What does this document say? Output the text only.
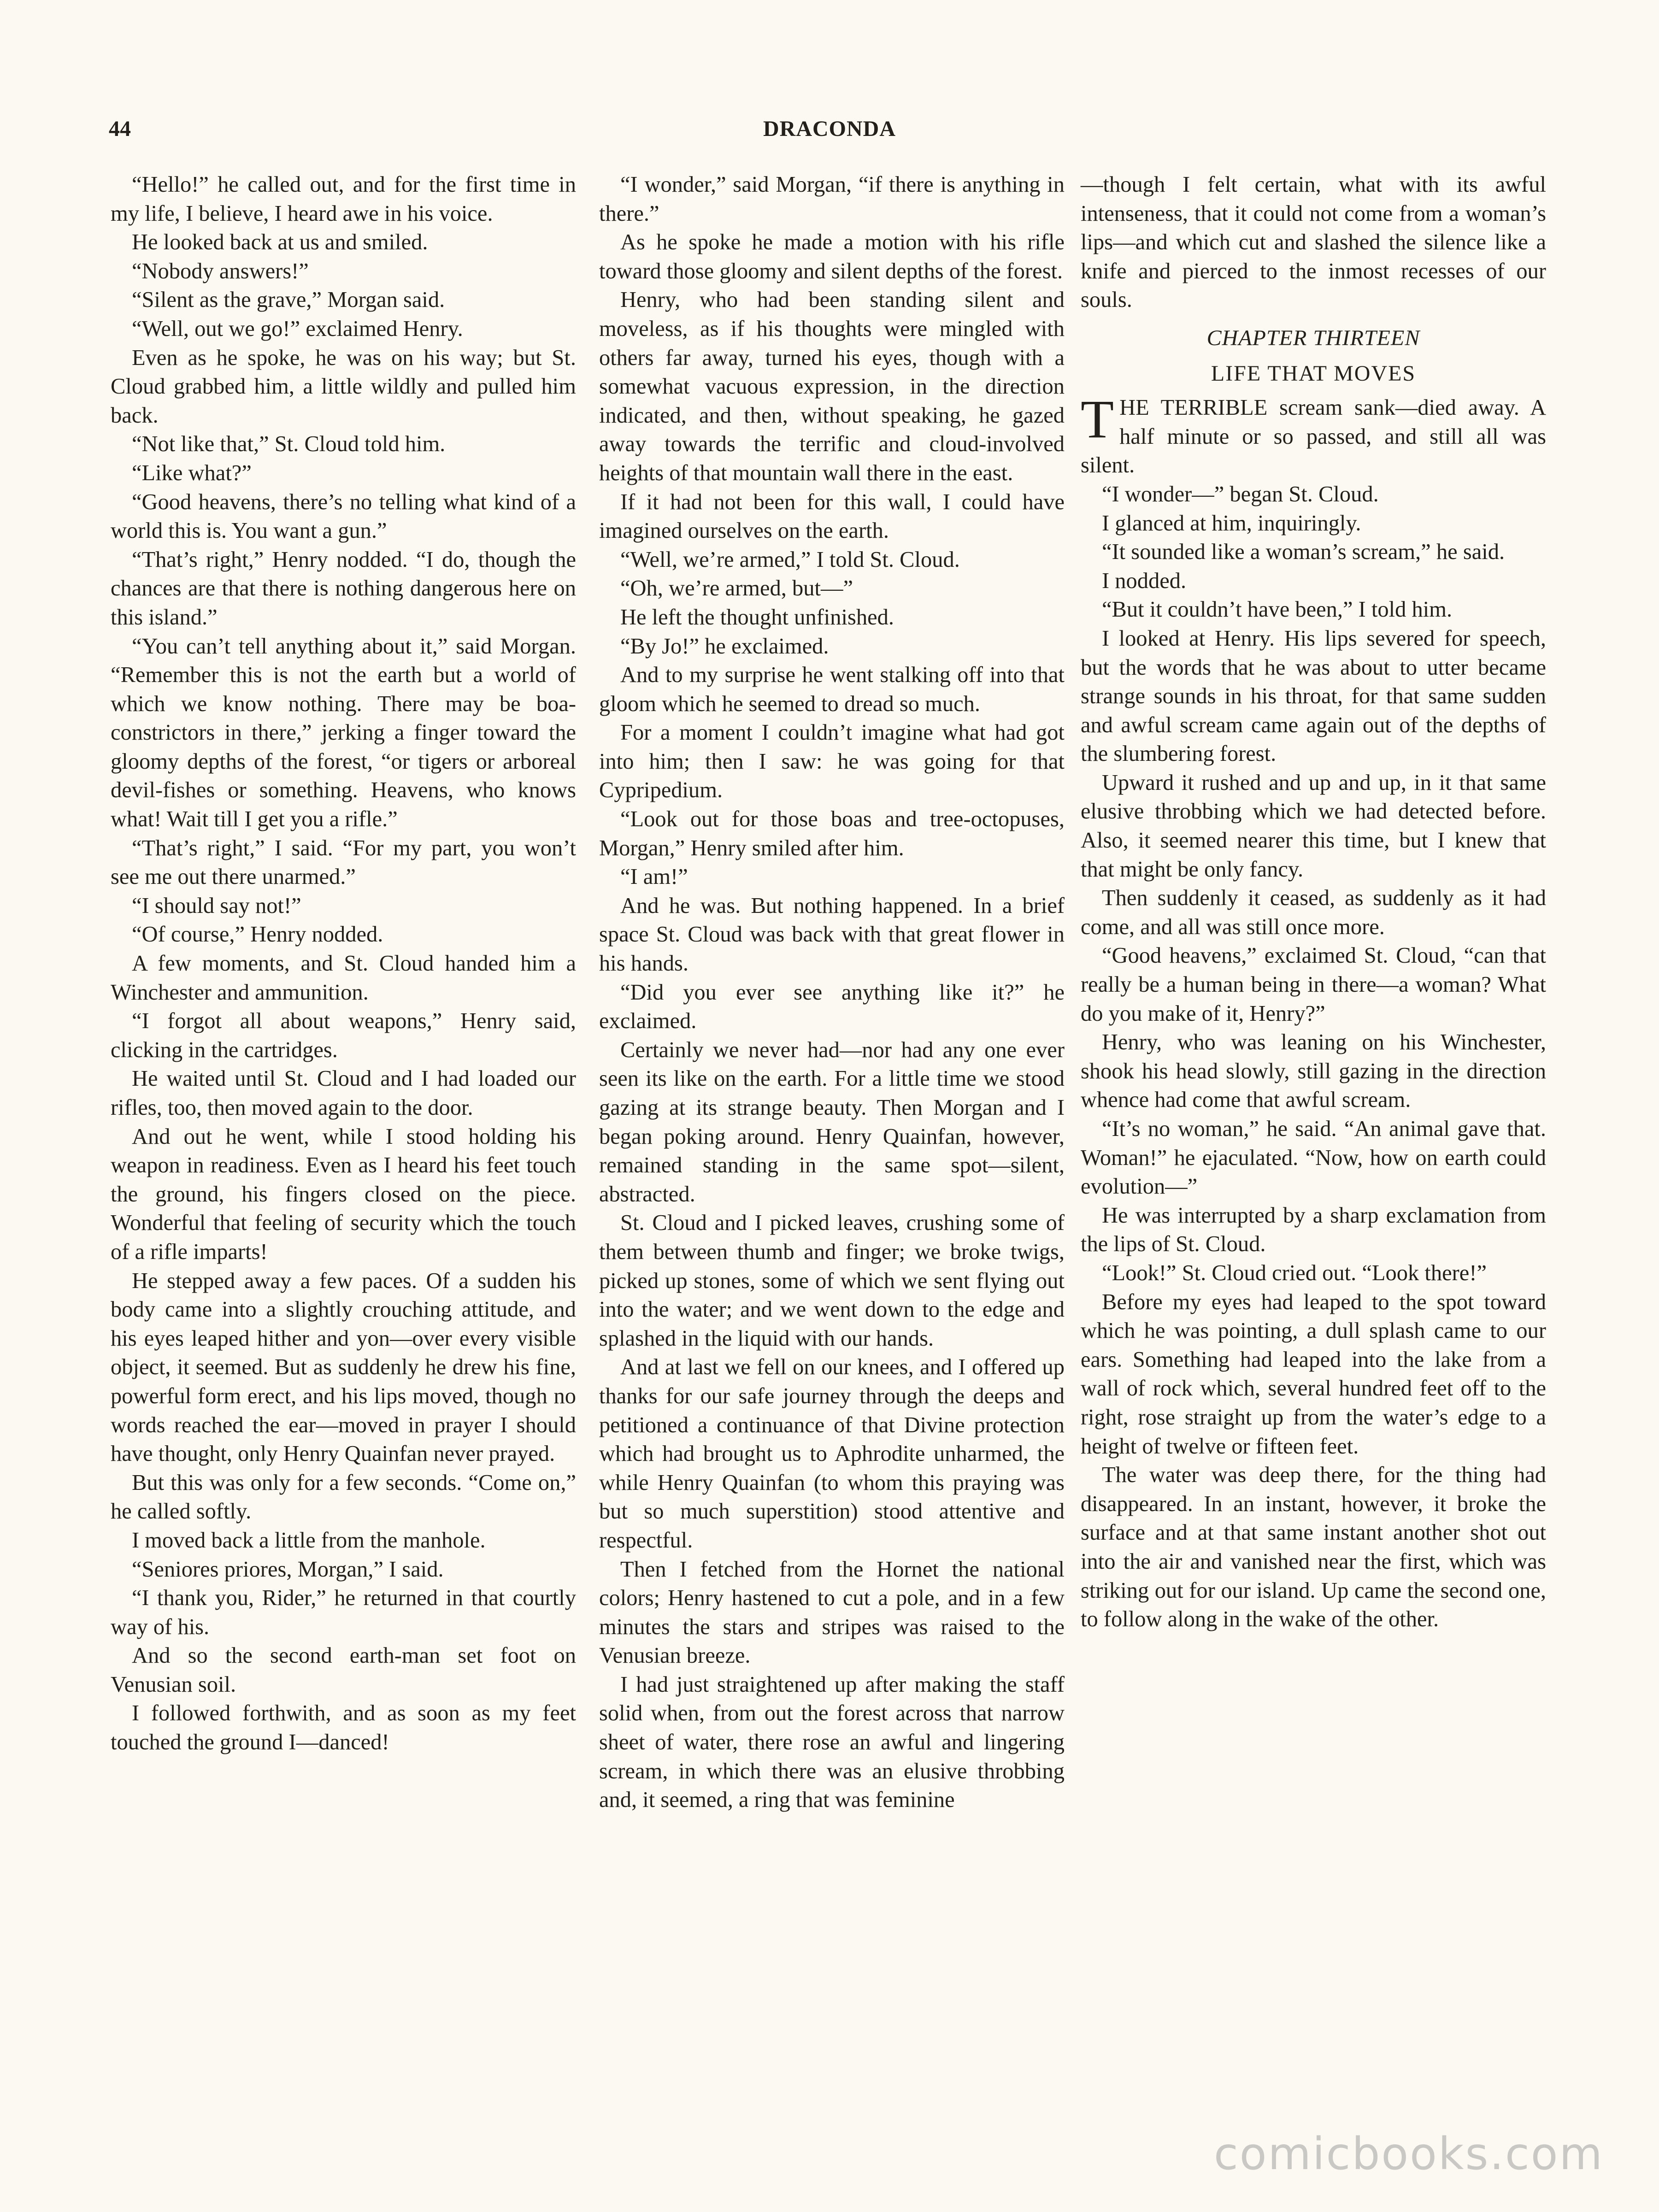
44	DRACONDA

“Hello!” he called out, and for the first time in my life, I believe, I heard awe in his voice.

He looked back at us and smiled.

“Nobody answers!”

“Silent as the grave,” Morgan said.

“Well, out we go!” exclaimed Henry.

Even as he spoke, he was on his way; but St. Cloud grabbed him, a little wildly and pulled him back.

“Not like that,” St. Cloud told him.

“Like what?”

“Good heavens, there’s no telling what kind of a world this is. You want a gun.”

“That’s right,” Henry nodded. “I do, though the chances are that there is nothing dangerous here on this island.”

“You can’t tell anything about it,” said Morgan. “Remember this is not the earth but a world of which we know nothing. There may be boa-constrictors in there,” jerking a finger toward the gloomy depths of the forest, “or tigers or arboreal devil-fishes or something. Heavens, who knows what! Wait till I get you a rifle.”

“That’s right,” I said. “For my part, you won’t see me out there unarmed.”

“I should say not!”

“Of course,” Henry nodded.

A few moments, and St. Cloud handed him a Winchester and ammunition.

“I forgot all about weapons,” Henry said, clicking in the cartridges.

He waited until St. Cloud and I had loaded our rifles, too, then moved again to the door.

And out he went, while I stood holding his weapon in readiness. Even as I heard his feet touch the ground, his fingers closed on the piece. Wonderful that feeling of security which the touch of a rifle imparts!

He stepped away a few paces. Of a sudden his body came into a slightly crouching attitude, and his eyes leaped hither and yon—over every visible object, it seemed. But as suddenly he drew his fine, powerful form erect, and his lips moved, though no words reached the ear—moved in prayer I should have thought, only Henry Quainfan never prayed.

But this was only for a few seconds. “Come on,” he called softly.

I moved back a little from the manhole.

“Seniores priores, Morgan,” I said.

“I thank you, Rider,” he returned in that courtly way of his.

And so the second earth-man set foot on Venusian soil.

I followed forthwith, and as soon as my feet touched the ground I—danced!

“I wonder,” said Morgan, “if there is anything in there.”

As he spoke he made a motion with his rifle toward those gloomy and silent depths of the forest.

Henry, who had been standing silent and moveless, as if his thoughts were mingled with others far away, turned his eyes, though with a somewhat vacuous expression, in the direction indicated, and then, without speaking, he gazed away towards the terrific and cloud-involved heights of that mountain wall there in the east.

If it had not been for this wall, I could have imagined ourselves on the earth.

“Well, we’re armed,” I told St. Cloud.

“Oh, we’re armed, but—”

He left the thought unfinished.

“By Jo!” he exclaimed.

And to my surprise he went stalking off into that gloom which he seemed to dread so much.

For a moment I couldn’t imagine what had got into him; then I saw: he was going for that Cypripedium.

“Look out for those boas and tree-octopuses, Morgan,” Henry smiled after him.

“I am!”

And he was. But nothing happened. In a brief space St. Cloud was back with that great flower in his hands.

“Did you ever see anything like it?” he exclaimed.

Certainly we never had—nor had any one ever seen its like on the earth. For a little time we stood gazing at its strange beauty. Then Morgan and I began poking around. Henry Quainfan, however, remained standing in the same spot—silent, abstracted.

St. Cloud and I picked leaves, crushing some of them between thumb and finger; we broke twigs, picked up stones, some of which we sent flying out into the water; and we went down to the edge and splashed in the liquid with our hands.

And at last we fell on our knees, and I offered up thanks for our safe journey through the deeps and petitioned a continuance of that Divine protection which had brought us to Aphrodite unharmed, the while Henry Quainfan (to whom this praying was but so much superstition) stood attentive and respectful.

Then I fetched from the Hornet the national colors; Henry hastened to cut a pole, and in a few minutes the stars and stripes was raised to the Venusian breeze.

I had just straightened up after making the staff solid when, from out the forest across that narrow sheet of water, there rose an awful and lingering scream, in which there was an elusive throbbing and, it seemed, a ring that was feminine

—though I felt certain, what with its awful intenseness, that it could not come from a woman’s lips—and which cut and slashed the silence like a knife and pierced to the inmost recesses of our souls.

CHAPTER THIRTEEN
LIFE THAT MOVES

THE TERRIBLE scream sank—died away. A half minute or so passed, and still all was silent.

“I wonder—” began St. Cloud.

I glanced at him, inquiringly.

“It sounded like a woman’s scream,” he said.

I nodded.

“But it couldn’t have been,” I told him.

I looked at Henry. His lips severed for speech, but the words that he was about to utter became strange sounds in his throat, for that same sudden and awful scream came again out of the depths of the slumbering forest.

Upward it rushed and up and up, in it that same elusive throbbing which we had detected before. Also, it seemed nearer this time, but I knew that that might be only fancy.

Then suddenly it ceased, as suddenly as it had come, and all was still once more.

“Good heavens,” exclaimed St. Cloud, “can that really be a human being in there—a woman? What do you make of it, Henry?”

Henry, who was leaning on his Winchester, shook his head slowly, still gazing in the direction whence had come that awful scream.

“It’s no woman,” he said. “An animal gave that. Woman!” he ejaculated. “Now, how on earth could evolution—”

He was interrupted by a sharp exclamation from the lips of St. Cloud.

“Look!” St. Cloud cried out. “Look there!”

Before my eyes had leaped to the spot toward which he was pointing, a dull splash came to our ears. Something had leaped into the lake from a wall of rock which, several hundred feet off to the right, rose straight up from the water’s edge to a height of twelve or fifteen feet.

The water was deep there, for the thing had disappeared. In an instant, however, it broke the surface and at that same instant another shot out into the air and vanished near the first, which was striking out for our island. Up came the second one, to follow along in the wake of the other.

comicbooks.com
